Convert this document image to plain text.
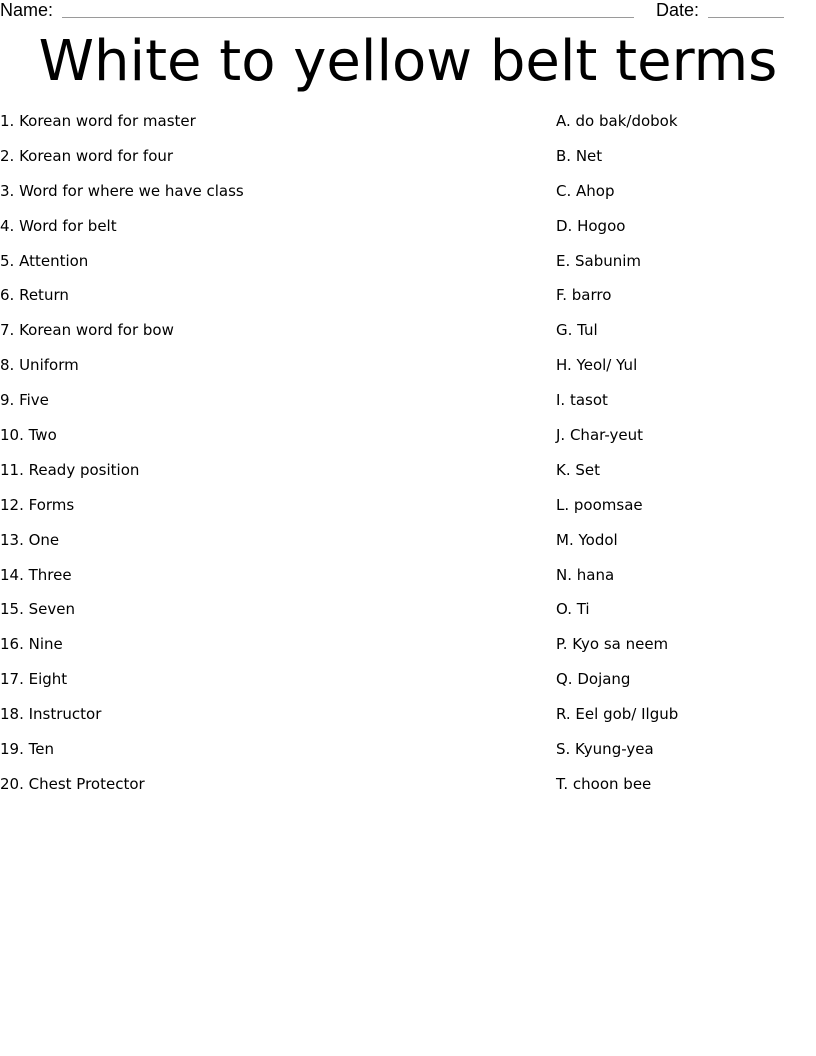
Name:	Date:
White to yellow belt terms
1. Korean word for master
2. Korean word for four
3. Word for where we have class
4. Word for belt
5. Attention
6. Return
7. Korean word for bow
8. Uniform
9. Five
10. Two
11. Ready position
12. Forms
13. One
14. Three
15. Seven
16. Nine
17. Eight
18. Instructor
19. Ten
20. Chest Protector
A. do bak/dobok
B. Net
C. Ahop
D. Hogoo
E. Sabunim
F. barro
G. Tul
H. Yeol/ Yul
I. tasot
J. Char-yeut
K. Set
L. poomsae
M. Yodol
N. hana
O. Ti
P. Kyo sa neem
Q. Dojang
R. Eel gob/ Ilgub
S. Kyung-yea
T. choon bee
